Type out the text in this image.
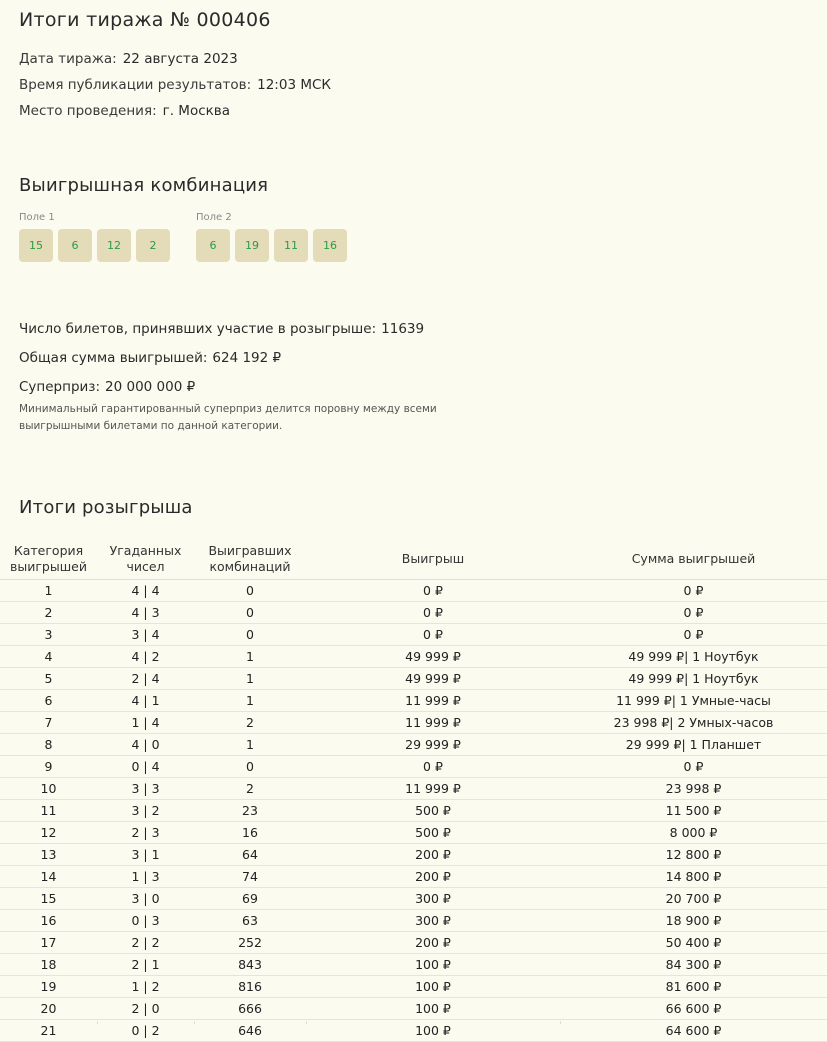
Итоги тиража № 000406
Дата тиража: 22 августа 2023
Время публикации результатов: 12:03 МСК
Место проведения: г. Москва
Выигрышная комбинация
Поле 1
15	6	12	2
Поле 2
6	19	11	16
Число билетов, принявших участие в розыгрыше: 11639
Общая сумма выигрышей: 624 192 ₽
Суперприз: 20 000 000 ₽
Минимальный гарантированный суперприз делится поровну между всеми выигрышными билетами по данной категории.
Итоги розыгрыша
Категория выигрышей	Угаданных чисел	Выигравших комбинаций	Выигрыш	Сумма выигрышей
1	4 | 4	0	0 ₽	0 ₽
2	4 | 3	0	0 ₽	0 ₽
3	3 | 4	0	0 ₽	0 ₽
4	4 | 2	1	49 999 ₽	49 999 ₽| 1 Ноутбук
5	2 | 4	1	49 999 ₽	49 999 ₽| 1 Ноутбук
6	4 | 1	1	11 999 ₽	11 999 ₽| 1 Умные-часы
7	1 | 4	2	11 999 ₽	23 998 ₽| 2 Умных-часов
8	4 | 0	1	29 999 ₽	29 999 ₽| 1 Планшет
9	0 | 4	0	0 ₽	0 ₽
10	3 | 3	2	11 999 ₽	23 998 ₽
11	3 | 2	23	500 ₽	11 500 ₽
12	2 | 3	16	500 ₽	8 000 ₽
13	3 | 1	64	200 ₽	12 800 ₽
14	1 | 3	74	200 ₽	14 800 ₽
15	3 | 0	69	300 ₽	20 700 ₽
16	0 | 3	63	300 ₽	18 900 ₽
17	2 | 2	252	200 ₽	50 400 ₽
18	2 | 1	843	100 ₽	84 300 ₽
19	1 | 2	816	100 ₽	81 600 ₽
20	2 | 0	666	100 ₽	66 600 ₽
21	0 | 2	646	100 ₽	64 600 ₽
